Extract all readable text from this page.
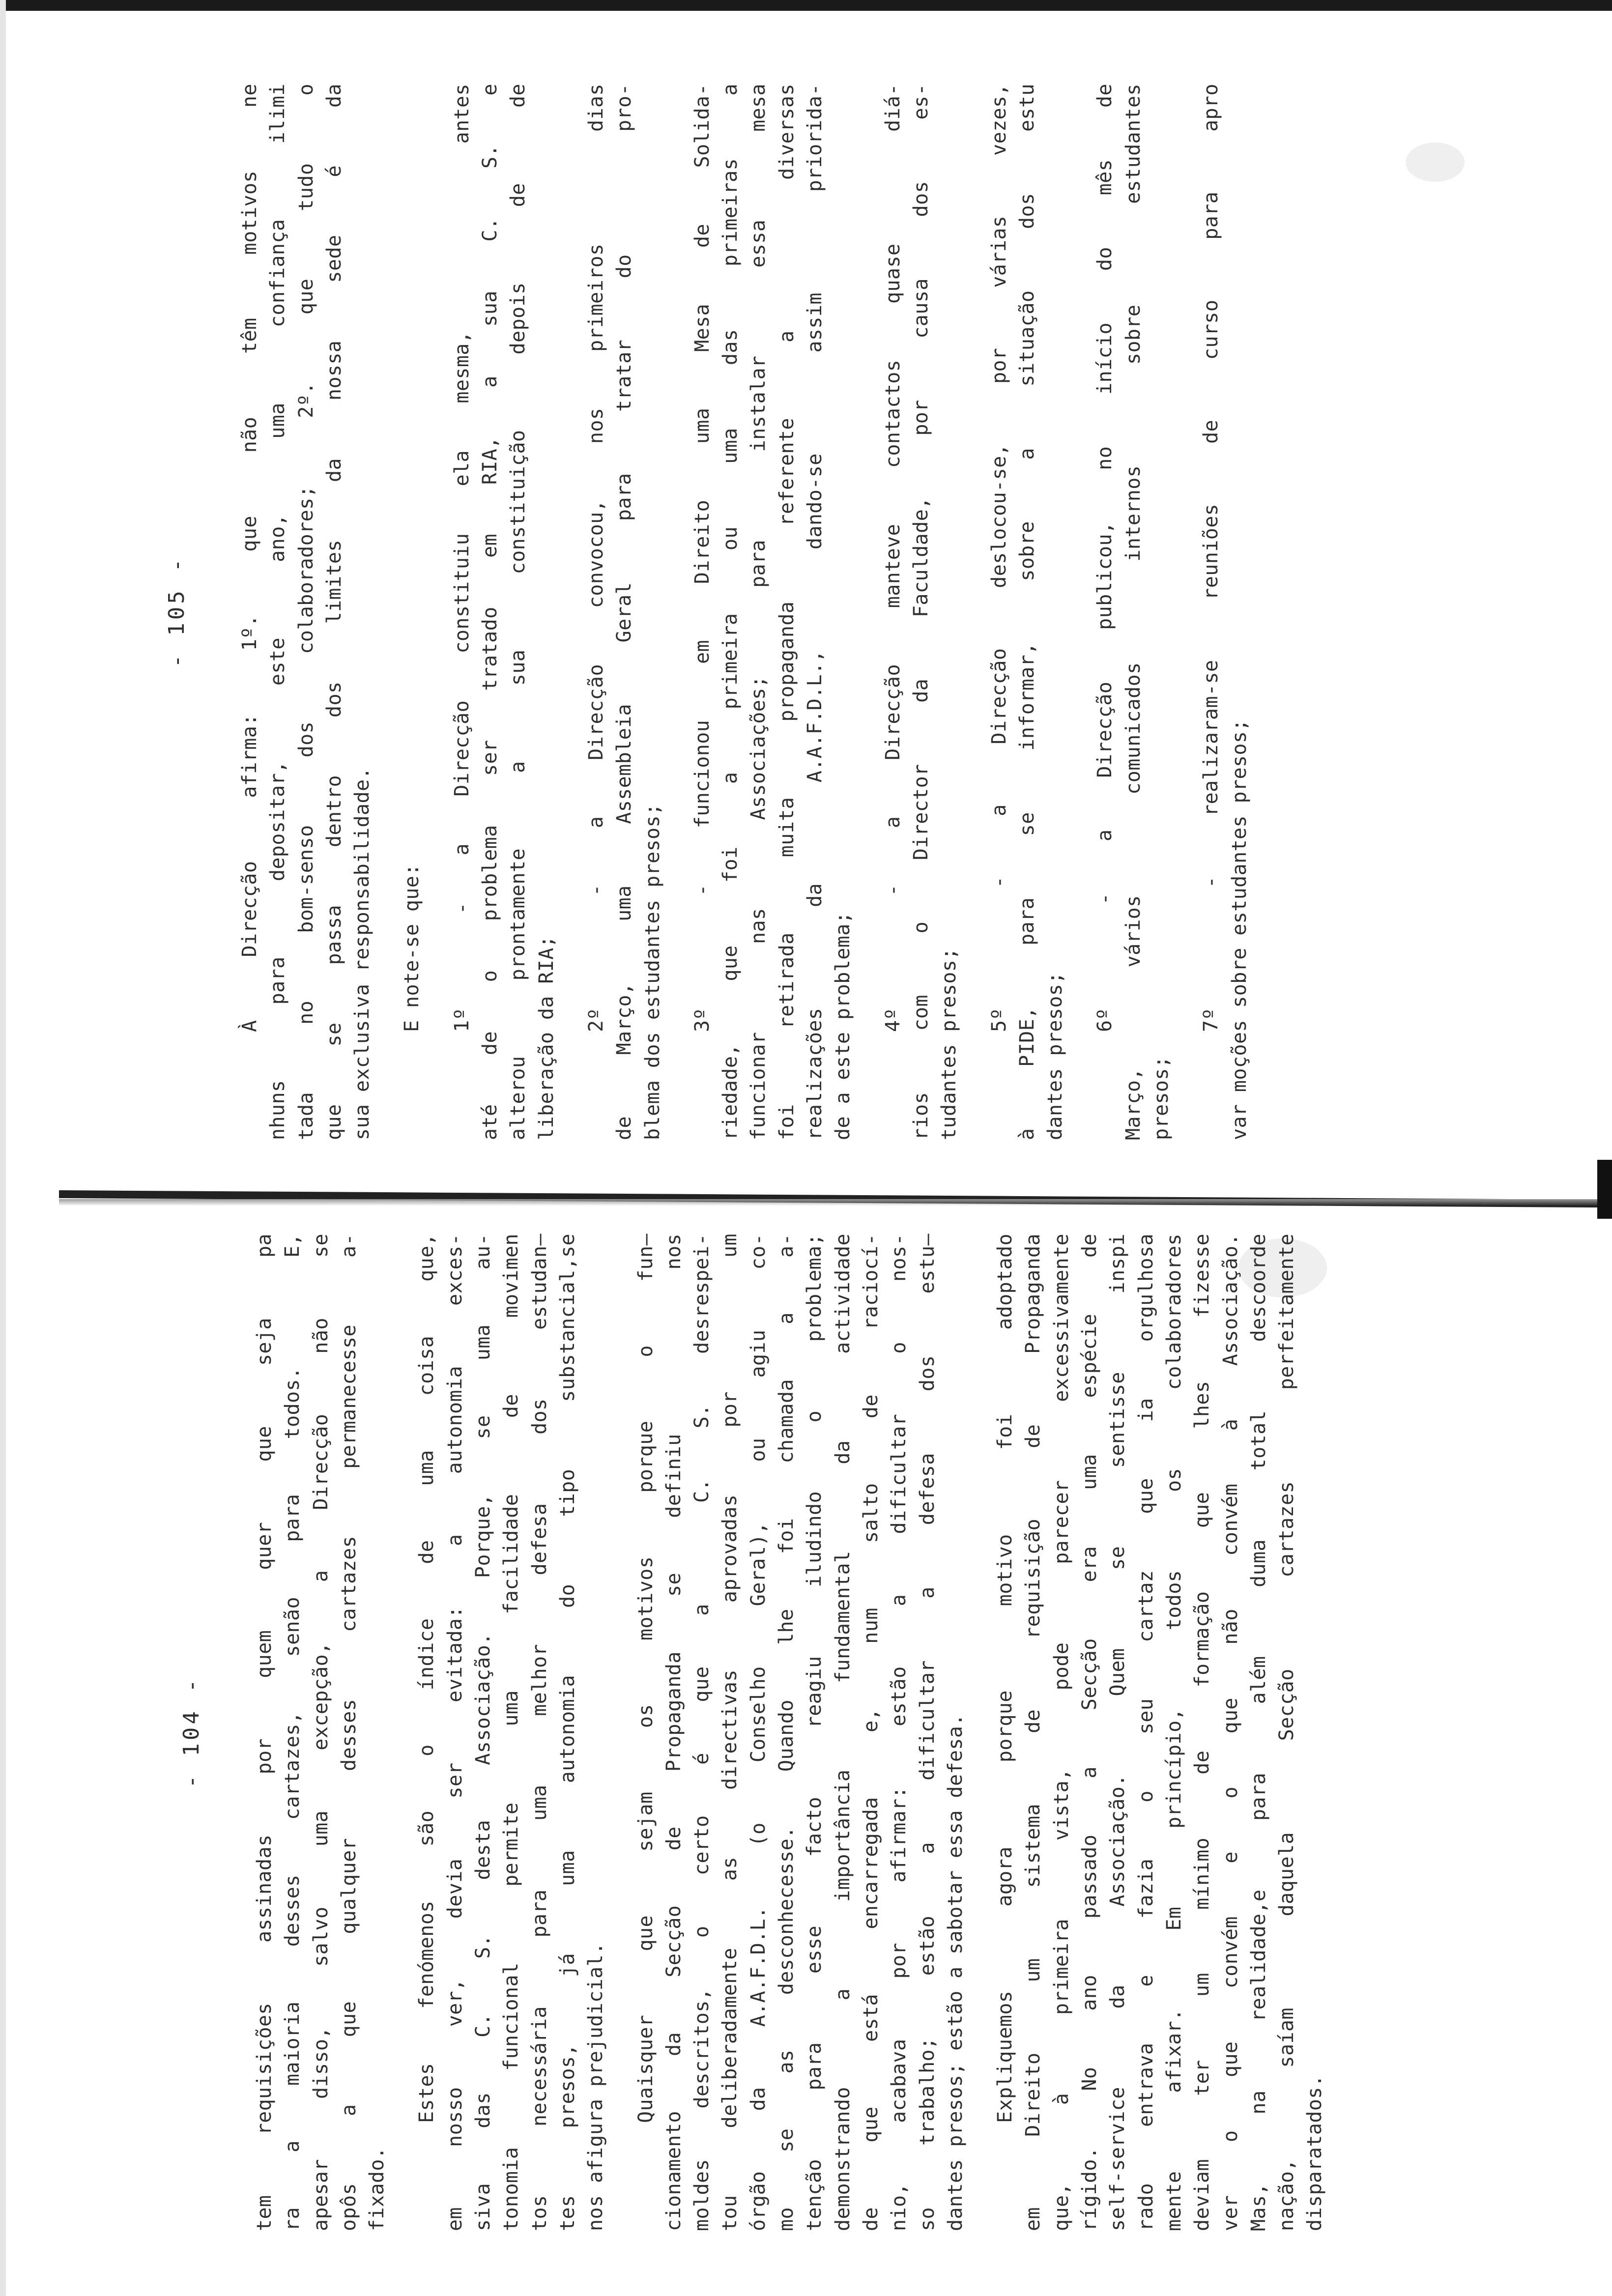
- 104 -	tem requisições assinadas por quem quer que seja pa ra a maioria desses cartazes, senão para todos.  E, apesar disso, salvo uma excepção, a Direcção não se opôs a que qualquer desses cartazes permanecesse a- fixado.
Estes fenómenos são o índice de uma coisa que, em nosso ver, devia ser evitada: a autonomia exces- siva das C. S. desta Associação. Porque, se uma au- tonomia funcional permite uma facilidade de movimen tos necessária para uma melhor defesa dos estudan— tes presos, já uma autonomia do tipo substancial,se nos afigura prejudicial. Quaisquer que sejam os motivos porque o fun— cionamento da Secção de Propaganda se definiu   nos moldes descritos, o certo é que a  C. S. desrespei- tou deliberadamente as directivas aprovadas por  um órgão da A.A.F.D.L. (o Conselho Geral), ou agiu co- mo se as desconhecesse. Quando lhe foi chamada a a- tenção para esse facto reagiu iludindo o problema; demonstrando a importância fundamental da actividade de que está encarregada e, num salto de raciocí- nio, acabava por afirmar: estão a dificultar o nos- so trabalho; estão a dificultar a defesa dos estu— dantes presos; estão a sabotar essa defesa. Expliquemos agora porque motivo foi adoptado em Direito um sistema de requisição de Propaganda que, à primeira vista, pode parecer excessivamente rígido. No ano passado a Secção era uma espécie de self-service da Associação. Quem se sentisse inspi rado entrava e fazia o seu cartaz que ia orgulhosa mente afixar. Em princípio, todos os colaboradores deviam ter um mínimo de formação que lhes fizesse ver o que convém e o que não convém à Associação. Mas, na realidade,e para além duma total descoorde nação, saíam daquela Secção cartazes perfeitamente disparatados.
- 105 -	À Direcção afirma: 1º. que não têm motivos ne nhuns para depositar, este ano, uma confiança ilimi tada no bom-senso dos colaboradores; 2º. que tudo o que se passa dentro dos limites da nossa sede é da sua exclusiva responsabilidade. E note-se que: 1º  - a Direcção constituiu ela mesma,    antes até de o problema ser tratado em RIA, a sua C. S. e alterou prontamente a sua constituição depois de de liberação da RIA;
2º  - a Direcção convocou, nos primeiros  dias de Março, uma Assembleia Geral para tratar do  pro- blema dos estudantes presos; 3º  - funcionou em Direito uma Mesa de Solida- riedade, que foi a primeira ou uma das primeiras a funcionar nas Associações; para instalar essa mesa foi retirada muita propaganda referente a  diversas realizações da A.A.F.D.L., dando-se assim priorida- de a este problema; 4º  - a Direcção manteve contactos quase  diá- rios com o Director da Faculdade, por causa dos es- tudantes presos;
5º  - a Direcção deslocou-se, por várias vezes, à PIDE, para se informar, sobre a situação dos estu dantes presos;
6º  - a Direcção publicou, no início do mês de Março, vários comunicados internos sobre estudantes presos;
7º  - realizaram-se reuniões de curso para apro var moções sobre estudantes presos;
